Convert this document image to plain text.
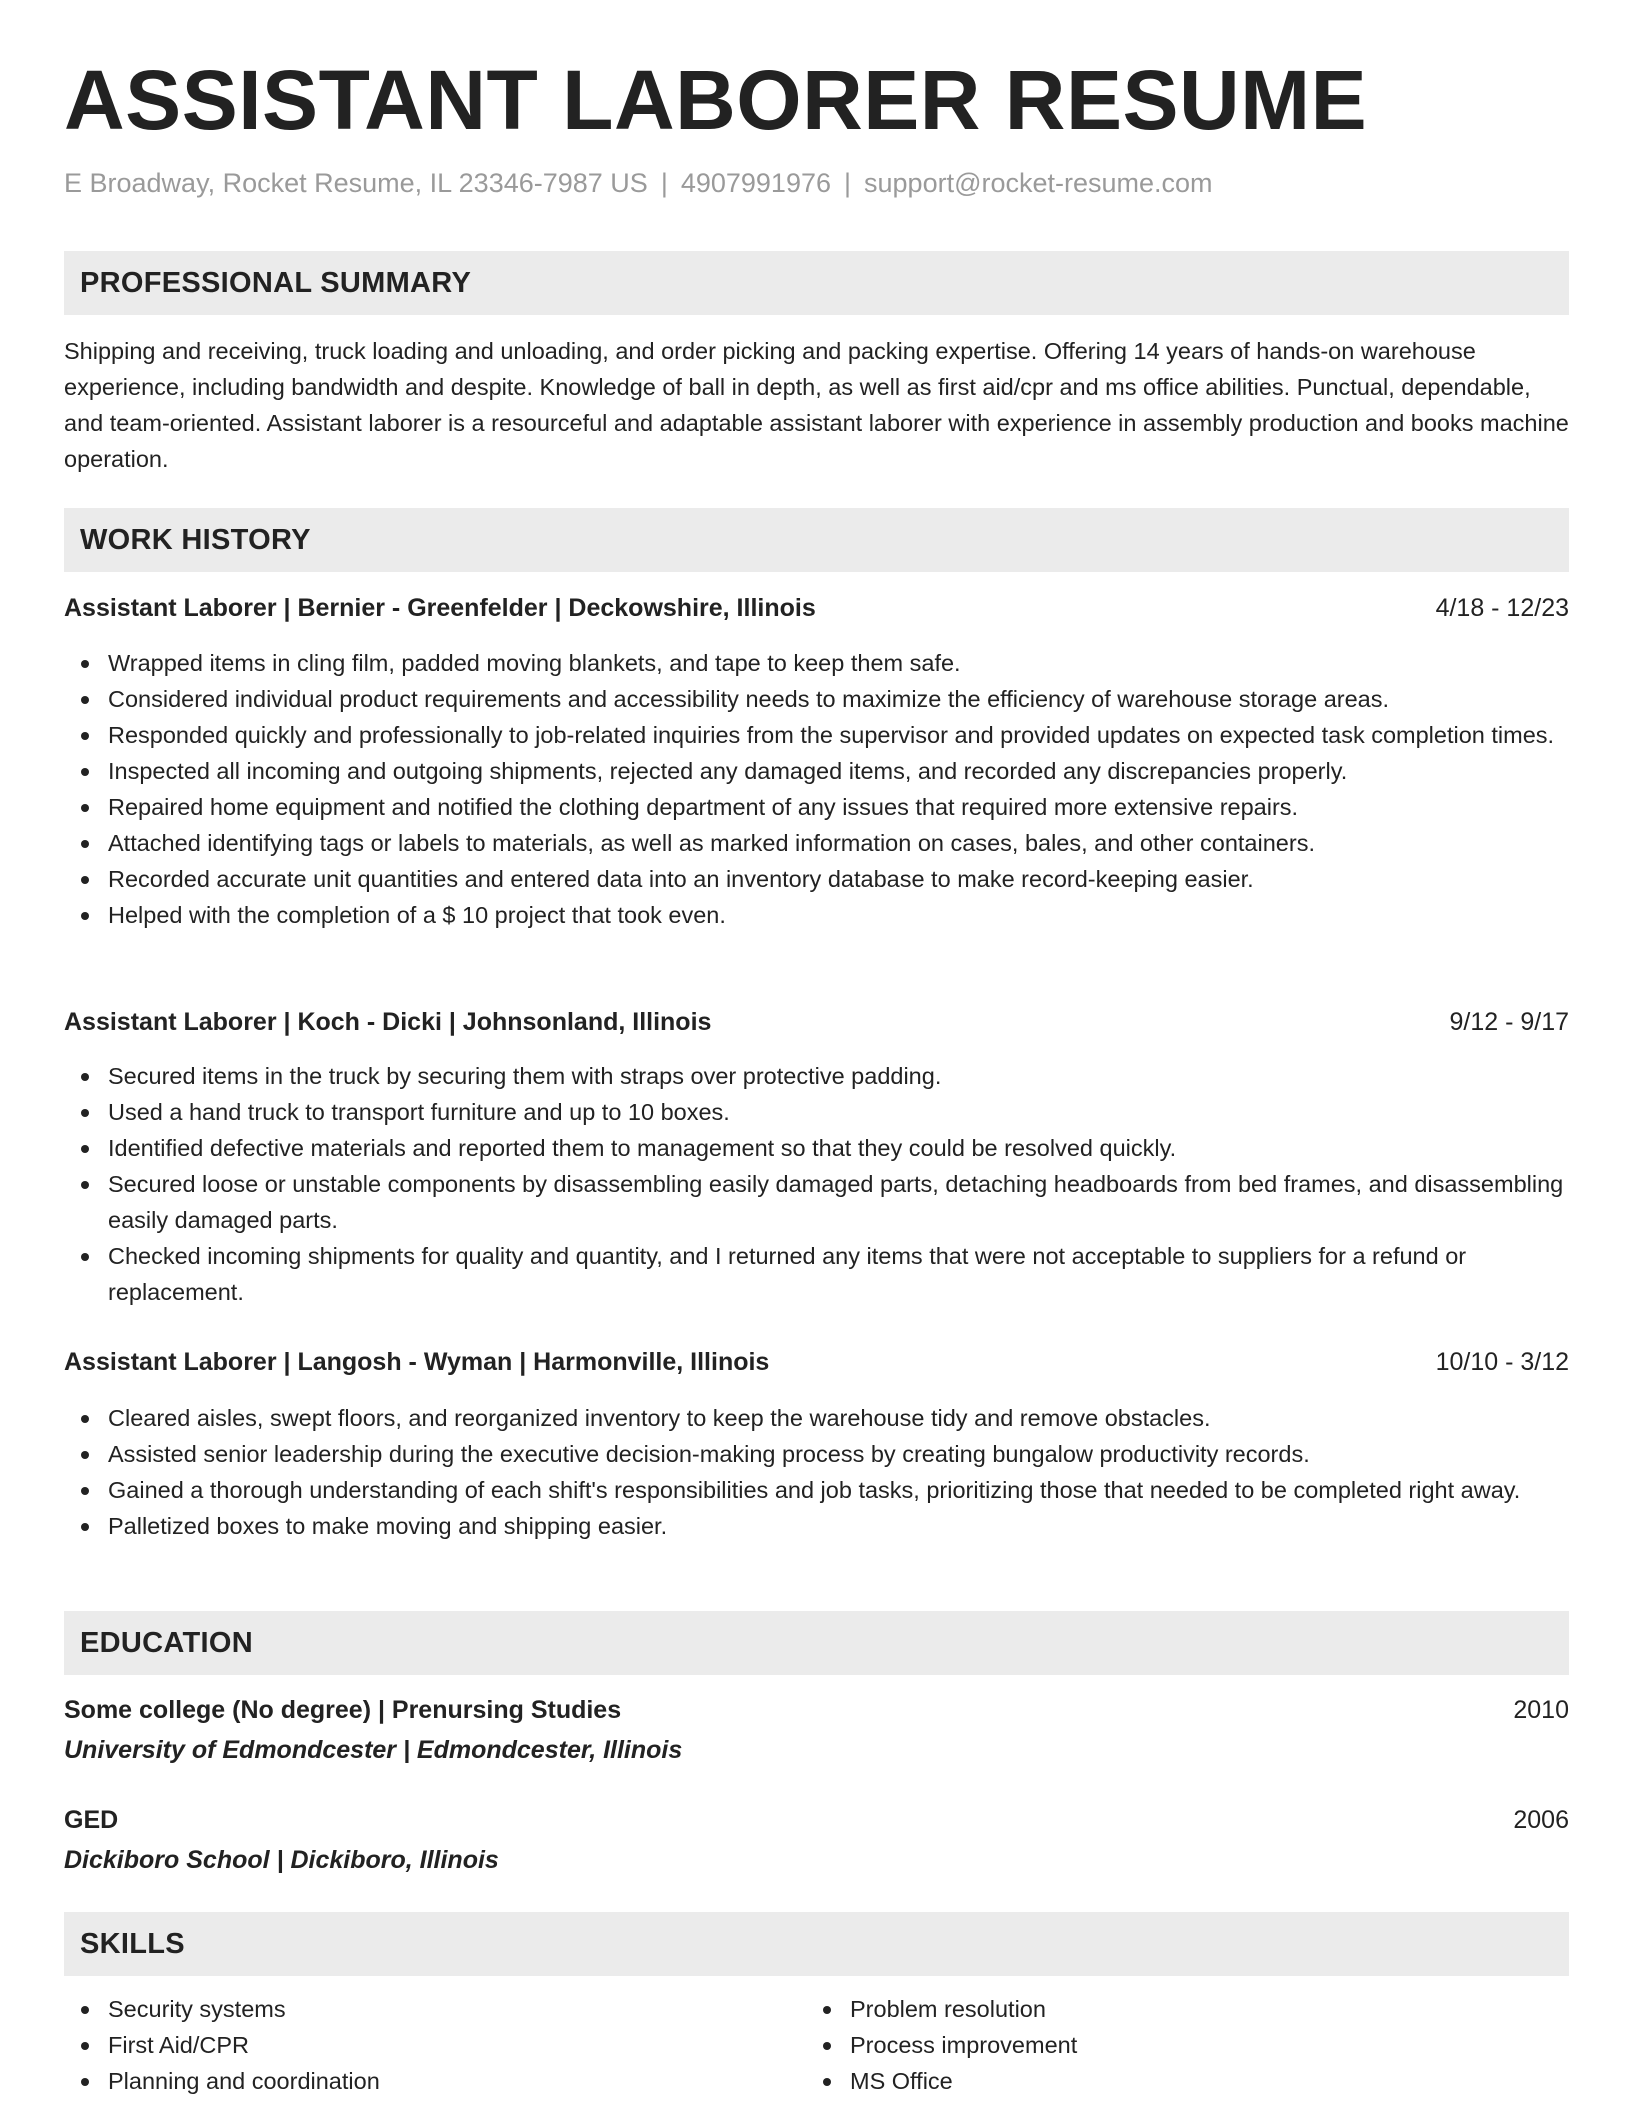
ASSISTANT LABORER RESUME
E Broadway, Rocket Resume, IL 23346-7987 US | 4907991976 | support@rocket-resume.com
PROFESSIONAL SUMMARY

Shipping and receiving, truck loading and unloading, and order picking and packing expertise. Offering 14 years of hands-on warehouse experience, including bandwidth and despite. Knowledge of ball in depth, as well as first aid/cpr and ms office abilities. Punctual, dependable, and team-oriented. Assistant laborer is a resourceful and adaptable assistant laborer with experience in assembly production and books machine operation.

WORK HISTORY
Assistant Laborer | Bernier - Greenfelder | Deckowshire, Illinois	4/18 - 12/23
Wrapped items in cling film, padded moving blankets, and tape to keep them safe.
Considered individual product requirements and accessibility needs to maximize the efficiency of warehouse storage areas.
Responded quickly and professionally to job-related inquiries from the supervisor and provided updates on expected task completion times.
Inspected all incoming and outgoing shipments, rejected any damaged items, and recorded any discrepancies properly.
Repaired home equipment and notified the clothing department of any issues that required more extensive repairs.
Attached identifying tags or labels to materials, as well as marked information on cases, bales, and other containers.
Recorded accurate unit quantities and entered data into an inventory database to make record-keeping easier.
Helped with the completion of a $ 10 project that took even.
Assistant Laborer | Koch - Dicki | Johnsonland, Illinois	9/12 - 9/17
Secured items in the truck by securing them with straps over protective padding.
Used a hand truck to transport furniture and up to 10 boxes.
Identified defective materials and reported them to management so that they could be resolved quickly.
Secured loose or unstable components by disassembling easily damaged parts, detaching headboards from bed frames, and disassembling easily damaged parts.
Checked incoming shipments for quality and quantity, and I returned any items that were not acceptable to suppliers for a refund or replacement.
Assistant Laborer | Langosh - Wyman | Harmonville, Illinois	10/10 - 3/12
Cleared aisles, swept floors, and reorganized inventory to keep the warehouse tidy and remove obstacles.
Assisted senior leadership during the executive decision-making process by creating bungalow productivity records.
Gained a thorough understanding of each shift's responsibilities and job tasks, prioritizing those that needed to be completed right away.
Palletized boxes to make moving and shipping easier.
EDUCATION
Some college (No degree) | Prenursing Studies	2010
University of Edmondcester | Edmondcester, Illinois
GED	2006
Dickiboro School | Dickiboro, Illinois
SKILLS
Security systems
First Aid/CPR
Planning and coordination
Problem resolution
Process improvement
MS Office
